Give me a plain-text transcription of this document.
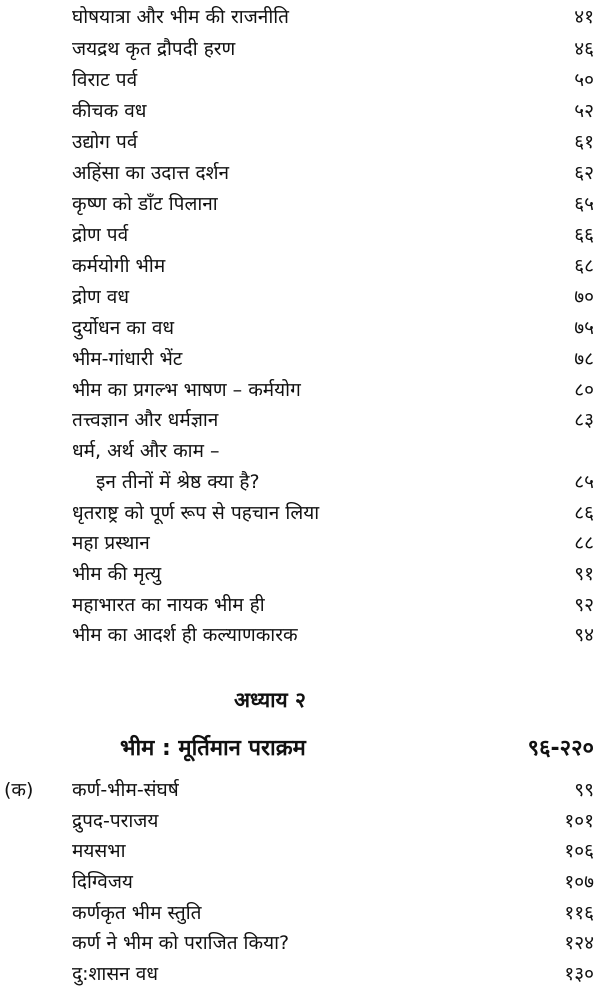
घोषयात्रा और भीम की राजनीति	४१
जयद्रथ कृत द्रौपदी हरण	४६
विराट पर्व	५०
कीचक वध	५२
उद्योग पर्व	६१
अहिंसा का उदात्त दर्शन	६२
कृष्ण को डाँट पिलाना	६५
द्रोण पर्व	६६
कर्मयोगी भीम	६८
द्रोण वध	७०
दुर्योधन का वध	७५
भीम-गांधारी भेंट	७८
भीम का प्रगल्भ भाषण – कर्मयोग	८०
तत्त्वज्ञान और धर्मज्ञान	८३
धर्म, अर्थ और काम –
इन तीनों में श्रेष्ठ क्या है?	८५
धृतराष्ट्र को पूर्ण रूप से पहचान लिया	८६
महा प्रस्थान	८८
भीम की मृत्यु	९१
महाभारत का नायक भीम ही	९२
भीम का आदर्श ही कल्याणकारक	९४
अध्याय २
भीम : मूर्तिमान पराक्रम	९६-२२०
(क) कर्ण-भीम-संघर्ष	९९
द्रुपद-पराजय	१०१
मयसभा	१०६
दिग्विजय	१०७
कर्णकृत भीम स्तुति	११६
कर्ण ने भीम को पराजित किया?	१२४
दु:शासन वध	१३०
